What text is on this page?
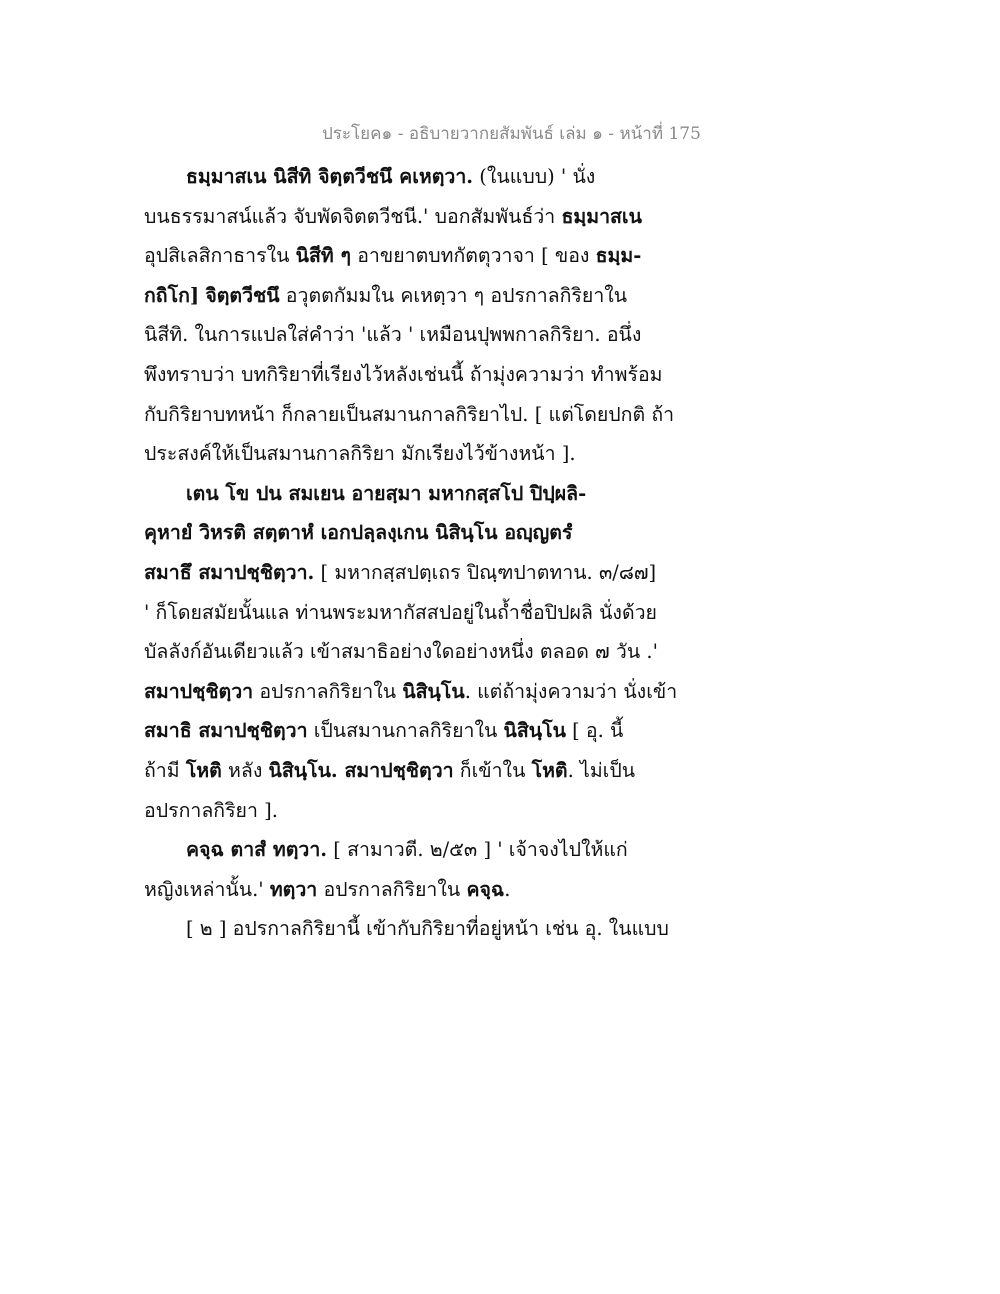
ประโยค๑ - อธิบายวากยสัมพันธ์ เล่ม ๑ - หน้าที่ 175
ธมฺมาสเน นิสีทิ จิตฺตวีชนึ คเหตฺวา. (ในแบบ) ' นั่ง
บนธรรมาสน์แล้ว จับพัดจิตตวีชนี.' บอกสัมพันธ์ว่า ธมฺมาสเน
อุปสิเลสิกาธารใน นิสีทิ ๆ อาขยาตบทกัตตุวาจา [ ของ ธมฺม-
กถิโก] จิตฺตวีชนึ อวุตตกัมมใน คเหตฺวา ๆ อปรกาลกิริยาใน
นิสีทิ. ในการแปลใส่คำว่า 'แล้ว ' เหมือนปุพพกาลกิริยา. อนึ่ง
พึงทราบว่า บทกิริยาที่เรียงไว้หลังเช่นนี้ ถ้ามุ่งความว่า ทำพร้อม
กับกิริยาบทหน้า ก็กลายเป็นสมานกาลกิริยาไป. [ แต่โดยปกติ ถ้า
ประสงค์ให้เป็นสมานกาลกิริยา มักเรียงไว้ข้างหน้า ].
เตน โข ปน สมเยน อายสฺมา มหากสฺสโป ปิปฺผลิ-
คุหายํ วิหรติ สตฺตาหํ เอกปลฺลงฺเกน นิสินฺโน อญฺญตรํ
สมาธึ สมาปชฺชิตฺวา. [ มหากสฺสปตฺเถร ปิณฺฑปาตทาน. ๓/๘๗]
' ก็โดยสมัยนั้นแล ท่านพระมหากัสสปอยู่ในถ้ำชื่อปิปผลิ นั่งด้วย
บัลลังก์อันเดียวแล้ว เข้าสมาธิอย่างใดอย่างหนึ่ง ตลอด ๗ วัน .'
สมาปชฺชิตฺวา อปรกาลกิริยาใน นิสินฺโน. แต่ถ้ามุ่งความว่า นั่งเข้า
สมาธิ สมาปชฺชิตฺวา เป็นสมานกาลกิริยาใน นิสินฺโน [ อุ. นี้
ถ้ามี โหติ หลัง นิสินฺโน. สมาปชฺชิตฺวา ก็เข้าใน โหติ. ไม่เป็น
อปรกาลกิริยา ].
คจฺฉ ตาสํ ทตฺวา. [ สามาวตี. ๒/๕๓ ] ' เจ้าจงไปให้แก่
หญิงเหล่านั้น.' ทตฺวา อปรกาลกิริยาใน คจฺฉ.
[ ๒ ] อปรกาลกิริยานี้ เข้ากับกิริยาที่อยู่หน้า เช่น อุ. ในแบบ
